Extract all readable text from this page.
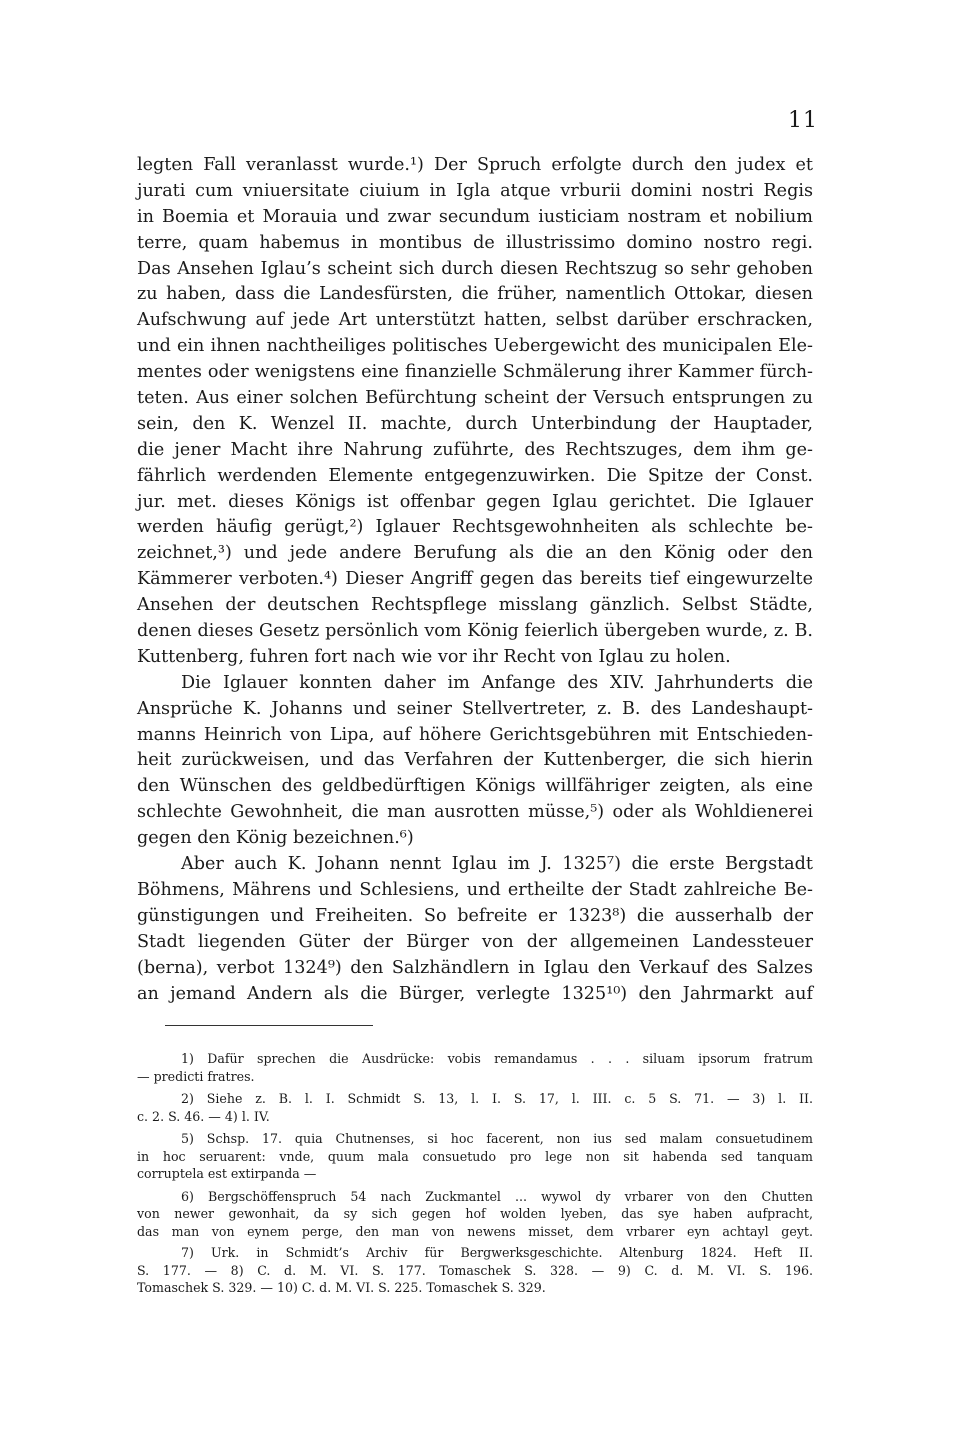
11
legten Fall veranlasst wurde.¹) Der Spruch erfolgte durch den judex et
jurati cum vniuersitate ciuium in Igla atque vrburii domini nostri Regis
in Boemia et Morauia und zwar secundum iusticiam nostram et nobilium
terre, quam habemus in montibus de illustrissimo domino nostro regi.
Das Ansehen Iglau’s scheint sich durch diesen Rechtszug so sehr gehoben
zu haben, dass die Landesfürsten, die früher, namentlich Ottokar, diesen
Aufschwung auf jede Art unterstützt hatten, selbst darüber erschracken,
und ein ihnen nachtheiliges politisches Uebergewicht des municipalen Ele-
mentes oder wenigstens eine finanzielle Schmälerung ihrer Kammer fürch-
teten. Aus einer solchen Befürchtung scheint der Versuch entsprungen zu
sein, den K. Wenzel II. machte, durch Unterbindung der Hauptader,
die jener Macht ihre Nahrung zuführte, des Rechtszuges, dem ihm ge-
fährlich werdenden Elemente entgegenzuwirken. Die Spitze der Const.
jur. met. dieses Königs ist offenbar gegen Iglau gerichtet. Die Iglauer
werden häufig gerügt,²) Iglauer Rechtsgewohnheiten als schlechte be-
zeichnet,³) und jede andere Berufung als die an den König oder den
Kämmerer verboten.⁴) Dieser Angriff gegen das bereits tief eingewurzelte
Ansehen der deutschen Rechtspflege misslang gänzlich. Selbst Städte,
denen dieses Gesetz persönlich vom König feierlich übergeben wurde, z. B.
Kuttenberg, fuhren fort nach wie vor ihr Recht von Iglau zu holen.
Die Iglauer konnten daher im Anfange des XIV. Jahrhunderts die
Ansprüche K. Johanns und seiner Stellvertreter, z. B. des Landeshaupt-
manns Heinrich von Lipa, auf höhere Gerichtsgebühren mit Entschieden-
heit zurückweisen, und das Verfahren der Kuttenberger, die sich hierin
den Wünschen des geldbedürftigen Königs willfähriger zeigten, als eine
schlechte Gewohnheit, die man ausrotten müsse,⁵) oder als Wohldienerei
gegen den König bezeichnen.⁶)
Aber auch K. Johann nennt Iglau im J. 1325⁷) die erste Bergstadt
Böhmens, Mährens und Schlesiens, und ertheilte der Stadt zahlreiche Be-
günstigungen und Freiheiten. So befreite er 1323⁸) die ausserhalb der
Stadt liegenden Güter der Bürger von der allgemeinen Landessteuer
(berna), verbot 1324⁹) den Salzhändlern in Iglau den Verkauf des Salzes
an jemand Andern als die Bürger, verlegte 1325¹⁰) den Jahrmarkt auf
1) Dafür sprechen die Ausdrücke: vobis remandamus . . . siluam ipsorum fratrum
— predicti fratres.
2) Siehe z. B. l. I. Schmidt S. 13, l. I. S. 17, l. III. c. 5 S. 71. — 3) l. II.
c. 2. S. 46. — 4) l. IV.
5) Schsp. 17. quia Chutnenses, si hoc facerent, non ius sed malam consuetudinem
in hoc seruarent: vnde, quum mala consuetudo pro lege non sit habenda sed tanquam
corruptela est extirpanda —
6) Bergschöffenspruch 54 nach Zuckmantel ... wywol dy vrbarer von den Chutten
von newer gewonhait, da sy sich gegen hof wolden lyeben, das sye haben aufpracht,
das man von eynem perge, den man von newens misset, dem vrbarer eyn achtayl geyt.
7) Urk. in Schmidt’s Archiv für Bergwerksgeschichte. Altenburg 1824. Heft II.
S. 177. — 8) C. d. M. VI. S. 177. Tomaschek S. 328. — 9) C. d. M. VI. S. 196.
Tomaschek S. 329. — 10) C. d. M. VI. S. 225. Tomaschek S. 329.
